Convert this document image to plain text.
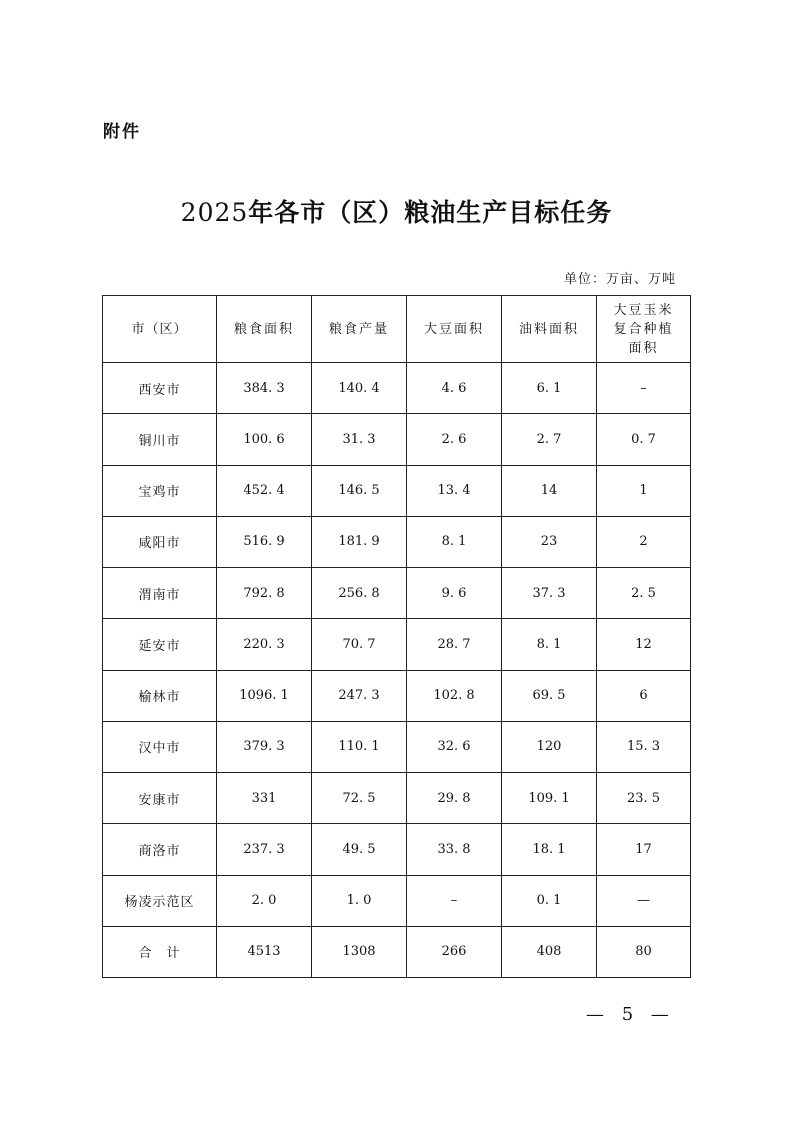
附件
2025年各市（区）粮油生产目标任务
单位：万亩、万吨
市（区）	粮食面积	粮食产量	大豆面积	油料面积	大豆玉米
复合种植
面积

西安市	384. 3	140. 4	4. 6	6. 1	–
铜川市	100. 6	31. 3	2. 6	2. 7	0. 7
宝鸡市	452. 4	146. 5	13. 4	14	1
咸阳市	516. 9	181. 9	8. 1	23	2
渭南市	792. 8	256. 8	9. 6	37. 3	2. 5
延安市	220. 3	70. 7	28. 7	8. 1	12
榆林市	1096. 1	247. 3	102. 8	69. 5	6
汉中市	379. 3	110. 1	32. 6	120	15. 3
安康市	331	72. 5	29. 8	109. 1	23. 5
商洛市	237. 3	49. 5	33. 8	18. 1	17
杨凌示范区	2. 0	1. 0	–	0. 1	—
合　计	4513	1308	266	408	80
— 5 —
